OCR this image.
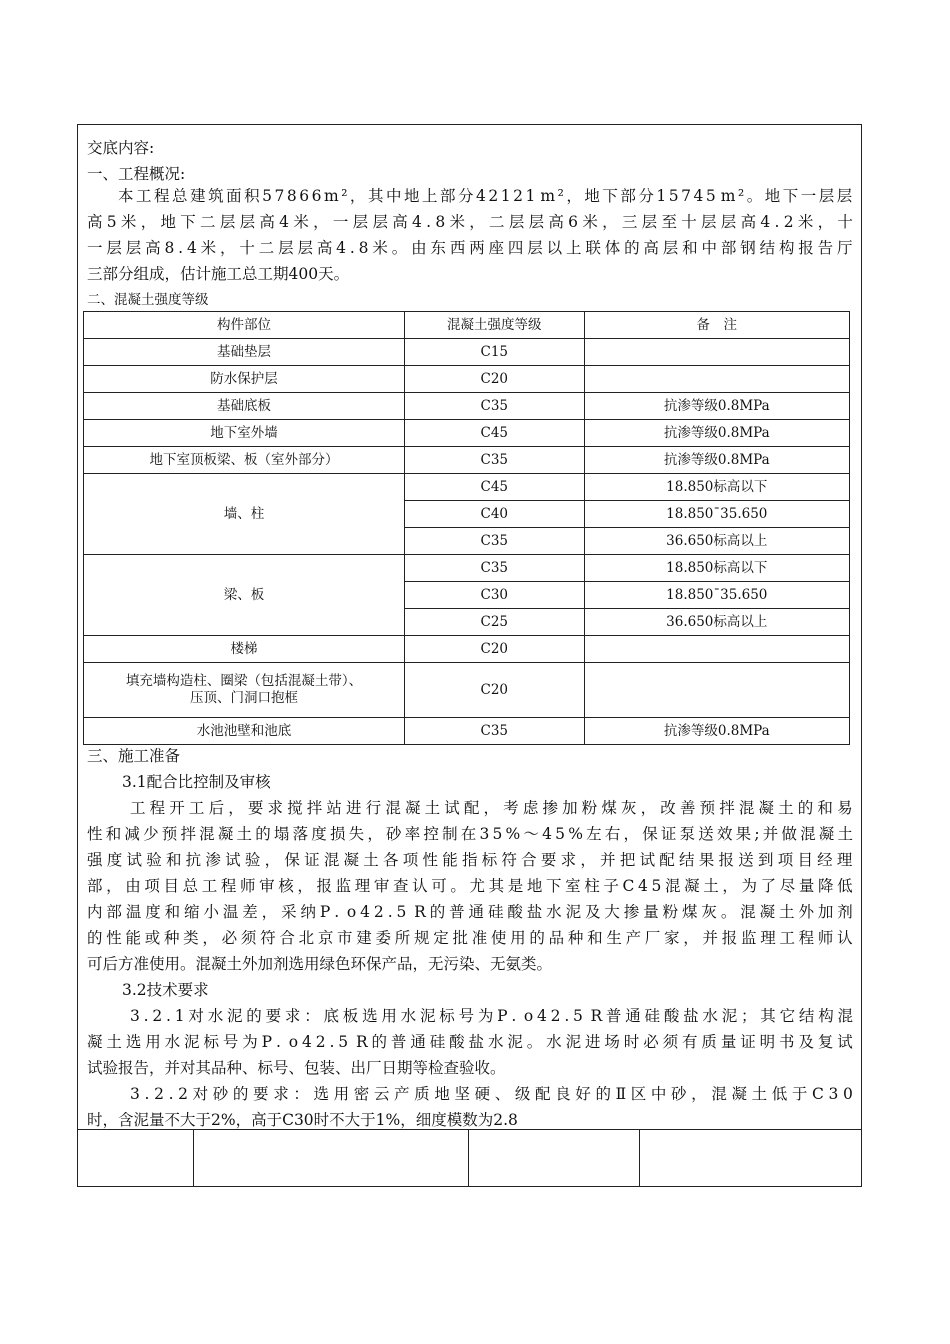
交底内容:
一、工程概况:
本 工 程 总 建 筑 面 积 5 7 8 6 6 m ² ， 其 中 地 上 部 分 4 2 1 2 1 m ² ， 地 下 部 分 1 5 7 4 5 m ² 。 地 下 一 层 层
高 5 米 ， 地 下 二 层 层 高 4 米 ， 一 层 层 高 4 . 8 米 ， 二 层 层 高 6 米 ， 三 层 至 十 层 层 高 4 . 2 米 ， 十
一 层 层 高 8 . 4 米 ， 十 二 层 层 高 4 . 8 米 。 由 东 西 两 座 四 层 以 上 联 体 的 高 层 和 中 部 钢 结 构 报 告 厅
三部分组成，估计施工总工期400天。
二、混凝土强度等级
构件部位	混凝土强度等级	备　注
基础垫层	C15	
防水保护层	C20	
基础底板	C35	抗渗等级0.8MPa
地下室外墙	C45	抗渗等级0.8MPa
地下室顶板梁、板（室外部分）	C35	抗渗等级0.8MPa
墙、柱	C45	18.850标高以下
	C40	18.850¯35.650
	C35	36.650标高以上
梁、板	C35	18.850标高以下
	C30	18.850¯35.650
	C25	36.650标高以上
楼梯	C20	

填充墙构造柱、圈梁（包括混凝土带）、
压顶、门洞口抱框	C20	
水池池壁和池底	C35	抗渗等级0.8MPa
三、施工准备
3.1配合比控制及审核
工 程 开 工 后 ， 要 求 搅 拌 站 进 行 混 凝 土 试 配 ， 考 虑 掺 加 粉 煤 灰 ， 改 善 预 拌 混 凝 土 的 和 易
性 和 减 少 预 拌 混 凝 土 的 塌 落 度 损 失 ， 砂 率 控 制 在 3 5 % ～ 4 5 % 左 右 ， 保 证 泵 送 效 果 ; 并 做 混 凝 土
强 度 试 验 和 抗 渗 试 验 ， 保 证 混 凝 土 各 项 性 能 指 标 符 合 要 求 ， 并 把 试 配 结 果 报 送 到 项 目 经 理
部 ， 由 项 目 总 工 程 师 审 核 ， 报 监 理 审 查 认 可 。 尤 其 是 地 下 室 柱 子 C 4 5 混 凝 土 ， 为 了 尽 量 降 低
内 部 温 度 和 缩 小 温 差 ， 采 纳 P . o 4 2 . 5 R 的 普 通 硅 酸 盐 水 泥 及 大 掺 量 粉 煤 灰 。 混 凝 土 外 加 剂
的 性 能 或 种 类 ， 必 须 符 合 北 京 市 建 委 所 规 定 批 准 使 用 的 品 种 和 生 产 厂 家 ， 并 报 监 理 工 程 师 认
可后方准使用。混凝土外加剂选用绿色环保产品，无污染、无氨类。
3.2技术要求
3 . 2 . 1 对 水 泥 的 要 求 ： 底 板 选 用 水 泥 标 号 为 P . o 4 2 . 5 R 普 通 硅 酸 盐 水 泥 ； 其 它 结 构 混
凝 土 选 用 水 泥 标 号 为 P . o 4 2 . 5 R 的 普 通 硅 酸 盐 水 泥 。 水 泥 进 场 时 必 须 有 质 量 证 明 书 及 复 试
试验报告，并对其品种、标号、包装、出厂日期等检查验收。
3 . 2 . 2 对 砂 的 要 求 ： 选 用 密 云 产 质 地 坚 硬 、 级 配 良 好 的 Ⅱ 区 中 砂 ， 混 凝 土 低 于 C 3 0
时，含泥量不大于2%，高于C30时不大于1%，细度模数为2.8
